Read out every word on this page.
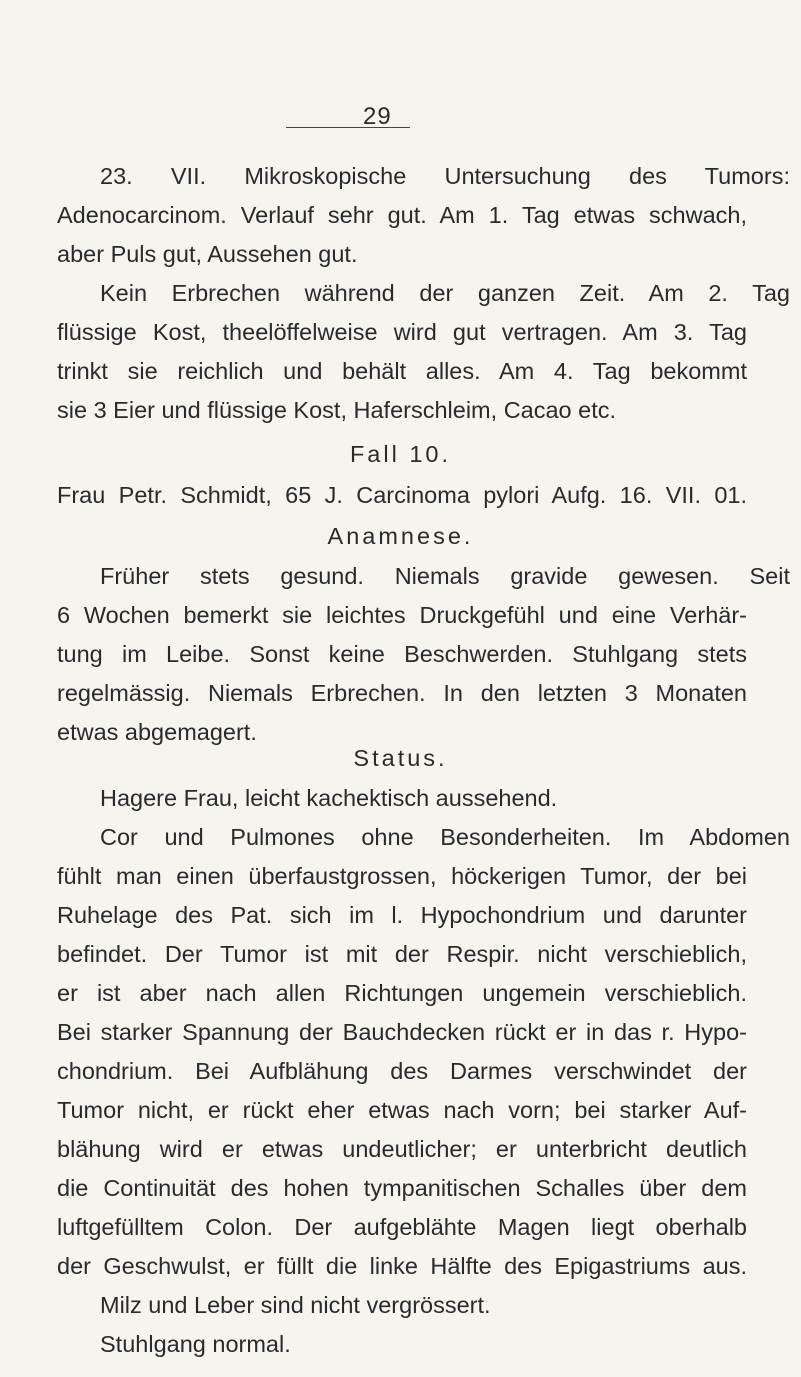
29
23. VII. Mikroskopische Untersuchung des Tumors:
Adenocarcinom. Verlauf sehr gut. Am 1. Tag etwas schwach,
aber Puls gut, Aussehen gut.
Kein Erbrechen während der ganzen Zeit. Am 2. Tag
flüssige Kost, theelöffelweise wird gut vertragen. Am 3. Tag
trinkt sie reichlich und behält alles. Am 4. Tag bekommt
sie 3 Eier und flüssige Kost, Haferschleim, Cacao etc.
Fall 10.
Frau Petr. Schmidt, 65 J. Carcinoma pylori Aufg. 16. VII. 01.
Anamnese.
Früher stets gesund. Niemals gravide gewesen. Seit
6 Wochen bemerkt sie leichtes Druckgefühl und eine Verhär-
tung im Leibe. Sonst keine Beschwerden. Stuhlgang stets
regelmässig. Niemals Erbrechen. In den letzten 3 Monaten
etwas abgemagert.
Status.
Hagere Frau, leicht kachektisch aussehend.
Cor und Pulmones ohne Besonderheiten. Im Abdomen
fühlt man einen überfaustgrossen, höckerigen Tumor, der bei
Ruhelage des Pat. sich im l. Hypochondrium und darunter
befindet. Der Tumor ist mit der Respir. nicht verschieblich,
er ist aber nach allen Richtungen ungemein verschieblich.
Bei starker Spannung der Bauchdecken rückt er in das r. Hypo-
chondrium. Bei Aufblähung des Darmes verschwindet der
Tumor nicht, er rückt eher etwas nach vorn; bei starker Auf-
blähung wird er etwas undeutlicher; er unterbricht deutlich
die Continuität des hohen tympanitischen Schalles über dem
luftgefülltem Colon. Der aufgeblähte Magen liegt oberhalb
der Geschwulst, er füllt die linke Hälfte des Epigastriums aus.
Milz und Leber sind nicht vergrössert.
Stuhlgang normal.
